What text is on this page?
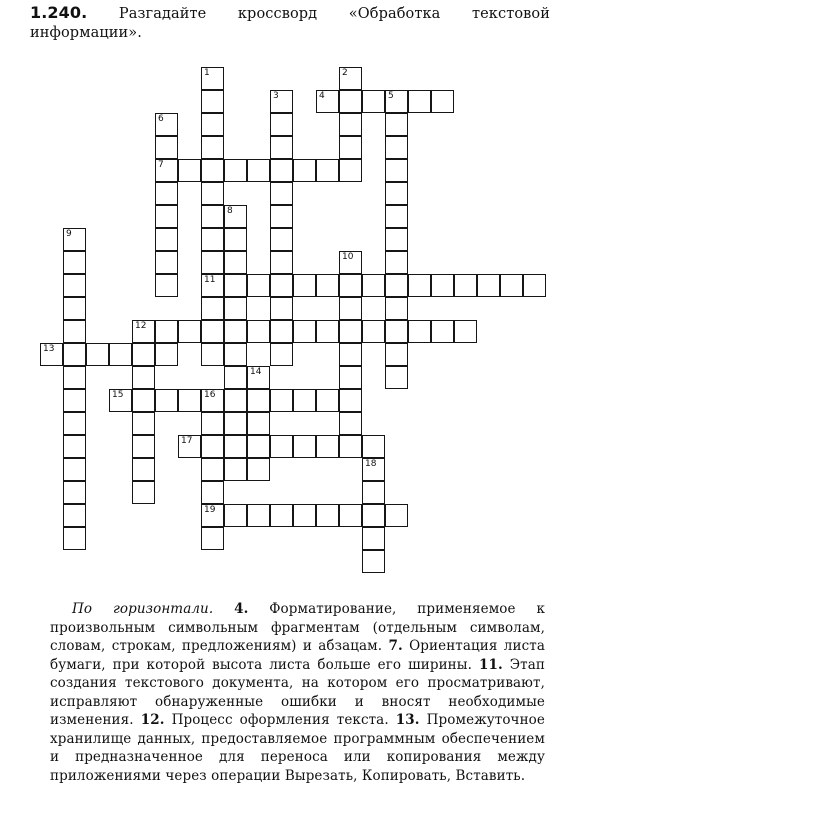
1.240. Разгадайте кроссворд «Обработка текстовой информации».
1
11
2
3	4	5
6
7
8
9
10
12
13
14
15	16
19
17
18
По горизонтали. 4. Форматирование, применяемое к произвольным символьным фрагментам (отдельным символам, словам, строкам, предложениям) и абзацам. 7. Ориентация листа бумаги, при которой высота листа больше его ширины. 11. Этап создания текстового документа, на котором его просматривают, исправляют обнаруженные ошибки и вносят необходимые изменения. 12. Процесс оформления текста. 13. Промежуточное хранилище данных, предоставляемое программным обеспечением и предназначенное для переноса или копирования между приложениями через операции Вырезать, Копировать, Вставить.
